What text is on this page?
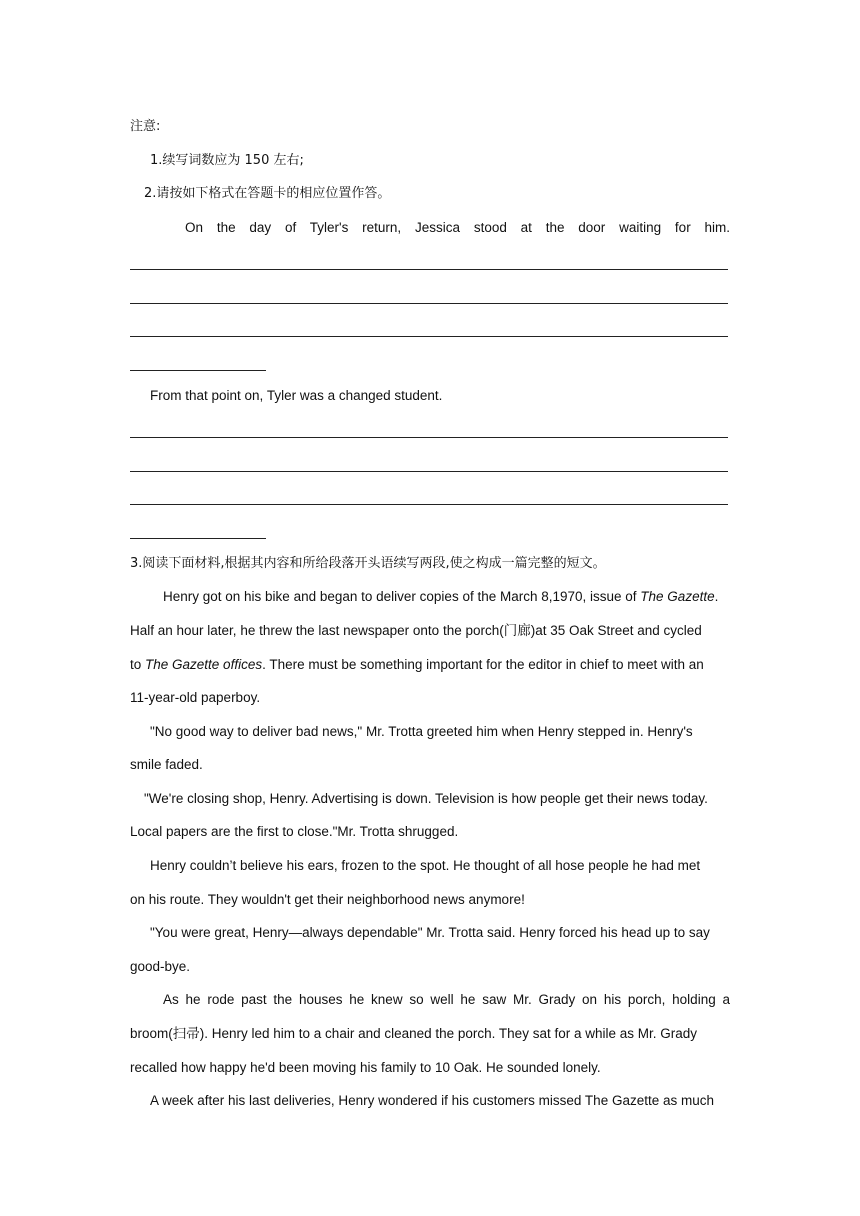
注意:
1.续写词数应为 150 左右;
2.请按如下格式在答题卡的相应位置作答。
On the day of Tyler's return, Jessica stood at the door waiting for him.
From that point on, Tyler was a changed student.
3.阅读下面材料,根据其内容和所给段落开头语续写两段,使之构成一篇完整的短文。
Henry got on his bike and began to deliver copies of the March 8,1970, issue of The Gazette.
Half an hour later, he threw the last newspaper onto the porch(门廊)at 35 Oak Street and cycled
to The Gazette offices. There must be something important for the editor in chief to meet with an
11-year-old paperboy.
"No good way to deliver bad news," Mr. Trotta greeted him when Henry stepped in. Henry's
smile faded.
"We're closing shop, Henry. Advertising is down. Television is how people get their news today.
Local papers are the first to close."Mr. Trotta shrugged.
Henry couldn’t believe his ears, frozen to the spot. He thought of all hose people he had met
on his route. They wouldn't get their neighborhood news anymore!
"You were great, Henry—always dependable" Mr. Trotta said. Henry forced his head up to say
good-bye.
As he rode past the houses he knew so well he saw Mr. Grady on his porch, holding a
broom(扫帚). Henry led him to a chair and cleaned the porch. They sat for a while as Mr. Grady
recalled how happy he'd been moving his family to 10 Oak. He sounded lonely.
A week after his last deliveries, Henry wondered if his customers missed The Gazette as much
